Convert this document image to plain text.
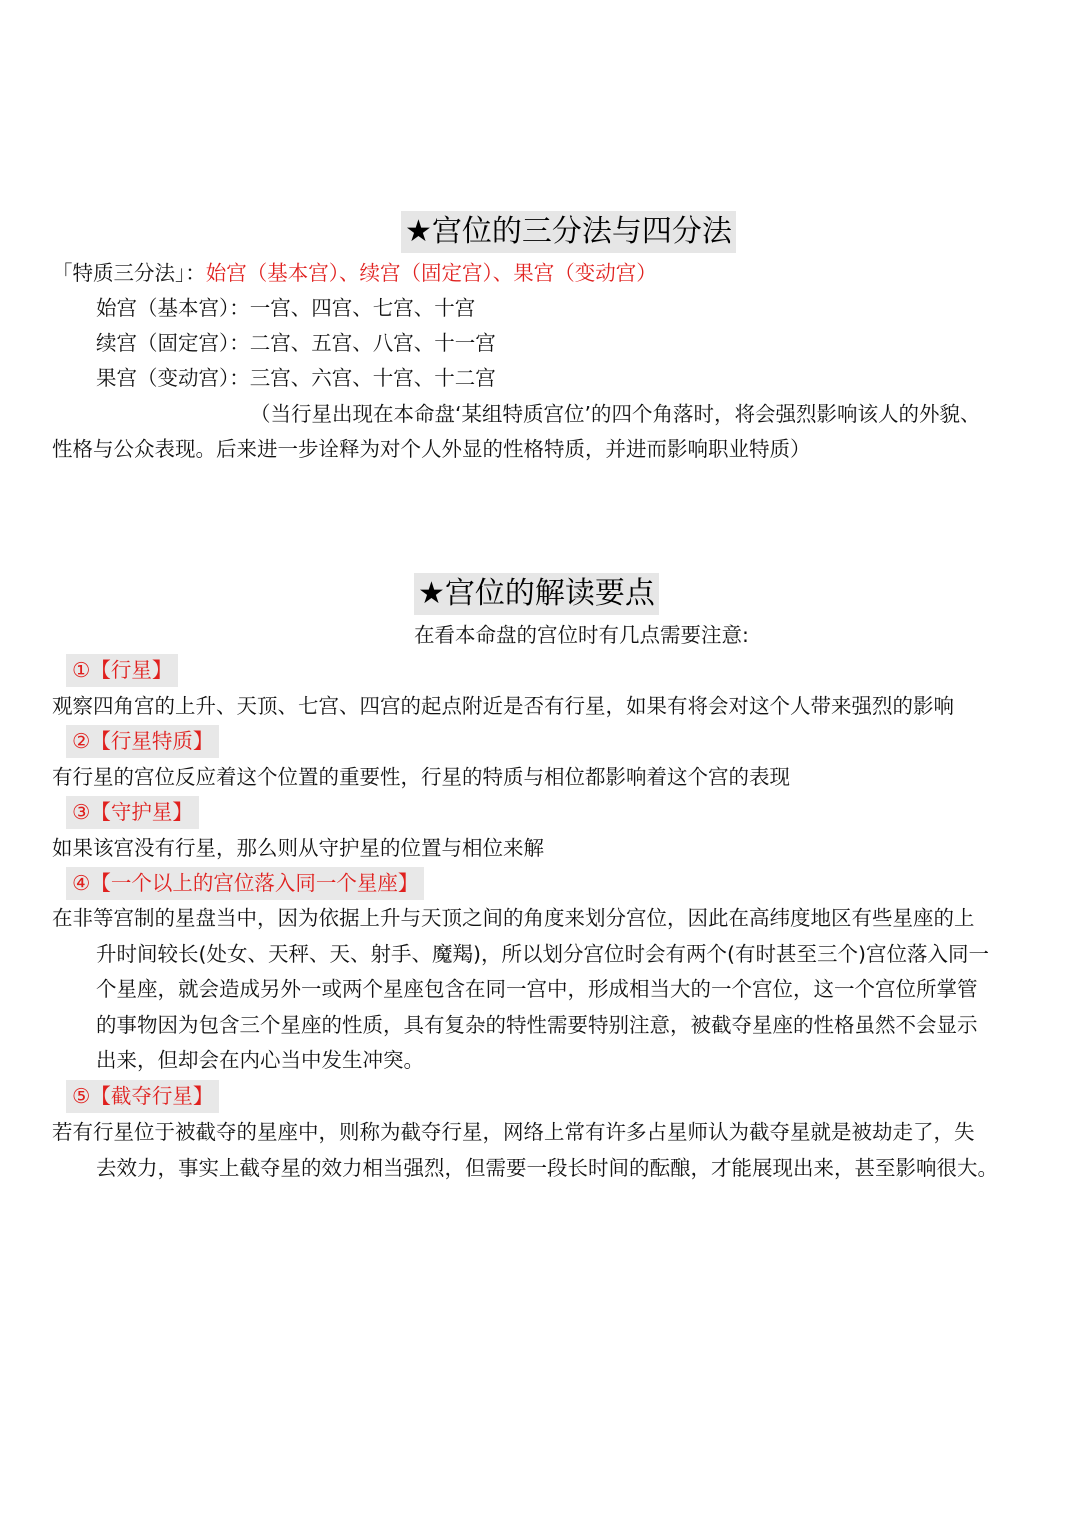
★宫位的三分法与四分法
「特质三分法」：始宫（基本宫）、续宫（固定宫）、果宫（变动宫）
始宫（基本宫）：一宫、四宫、七宫、十宫
续宫（固定宫）：二宫、五宫、八宫、十一宫
果宫（变动宫）：三宫、六宫、十宫、十二宫
（当行星出现在本命盘‘某组特质宫位’的四个角落时，将会强烈影响该人的外貌、
性格与公众表现。后来进一步诠释为对个人外显的性格特质，并进而影响职业特质）
★宫位的解读要点
在看本命盘的宫位时有几点需要注意:
①【行星】
观察四角宫的上升、天顶、七宫、四宫的起点附近是否有行星，如果有将会对这个人带来强烈的影响
②【行星特质】
有行星的宫位反应着这个位置的重要性，行星的特质与相位都影响着这个宫的表现
③【守护星】
如果该宫没有行星，那么则从守护星的位置与相位来解
④【一个以上的宫位落入同一个星座】

在非等宫制的星盘当中，因为依据上升与天顶之间的角度来划分宫位，因此在高纬度地区有些星座的上

升时间较长(处女、天秤、天、射手、魔羯)，所以划分宫位时会有两个(有时甚至三个)宫位落入同一

个星座，就会造成另外一或两个星座包含在同一宫中，形成相当大的一个宫位，这一个宫位所掌管

的事物因为包含三个星座的性质，具有复杂的特性需要特别注意，被截夺星座的性格虽然不会显示

出来，但却会在内心当中发生冲突。

⑤【截夺行星】

若有行星位于被截夺的星座中，则称为截夺行星，网络上常有许多占星师认为截夺星就是被劫走了，失

去效力，事实上截夺星的效力相当强烈，但需要一段长时间的酝酿，才能展现出来，甚至影响很大。
